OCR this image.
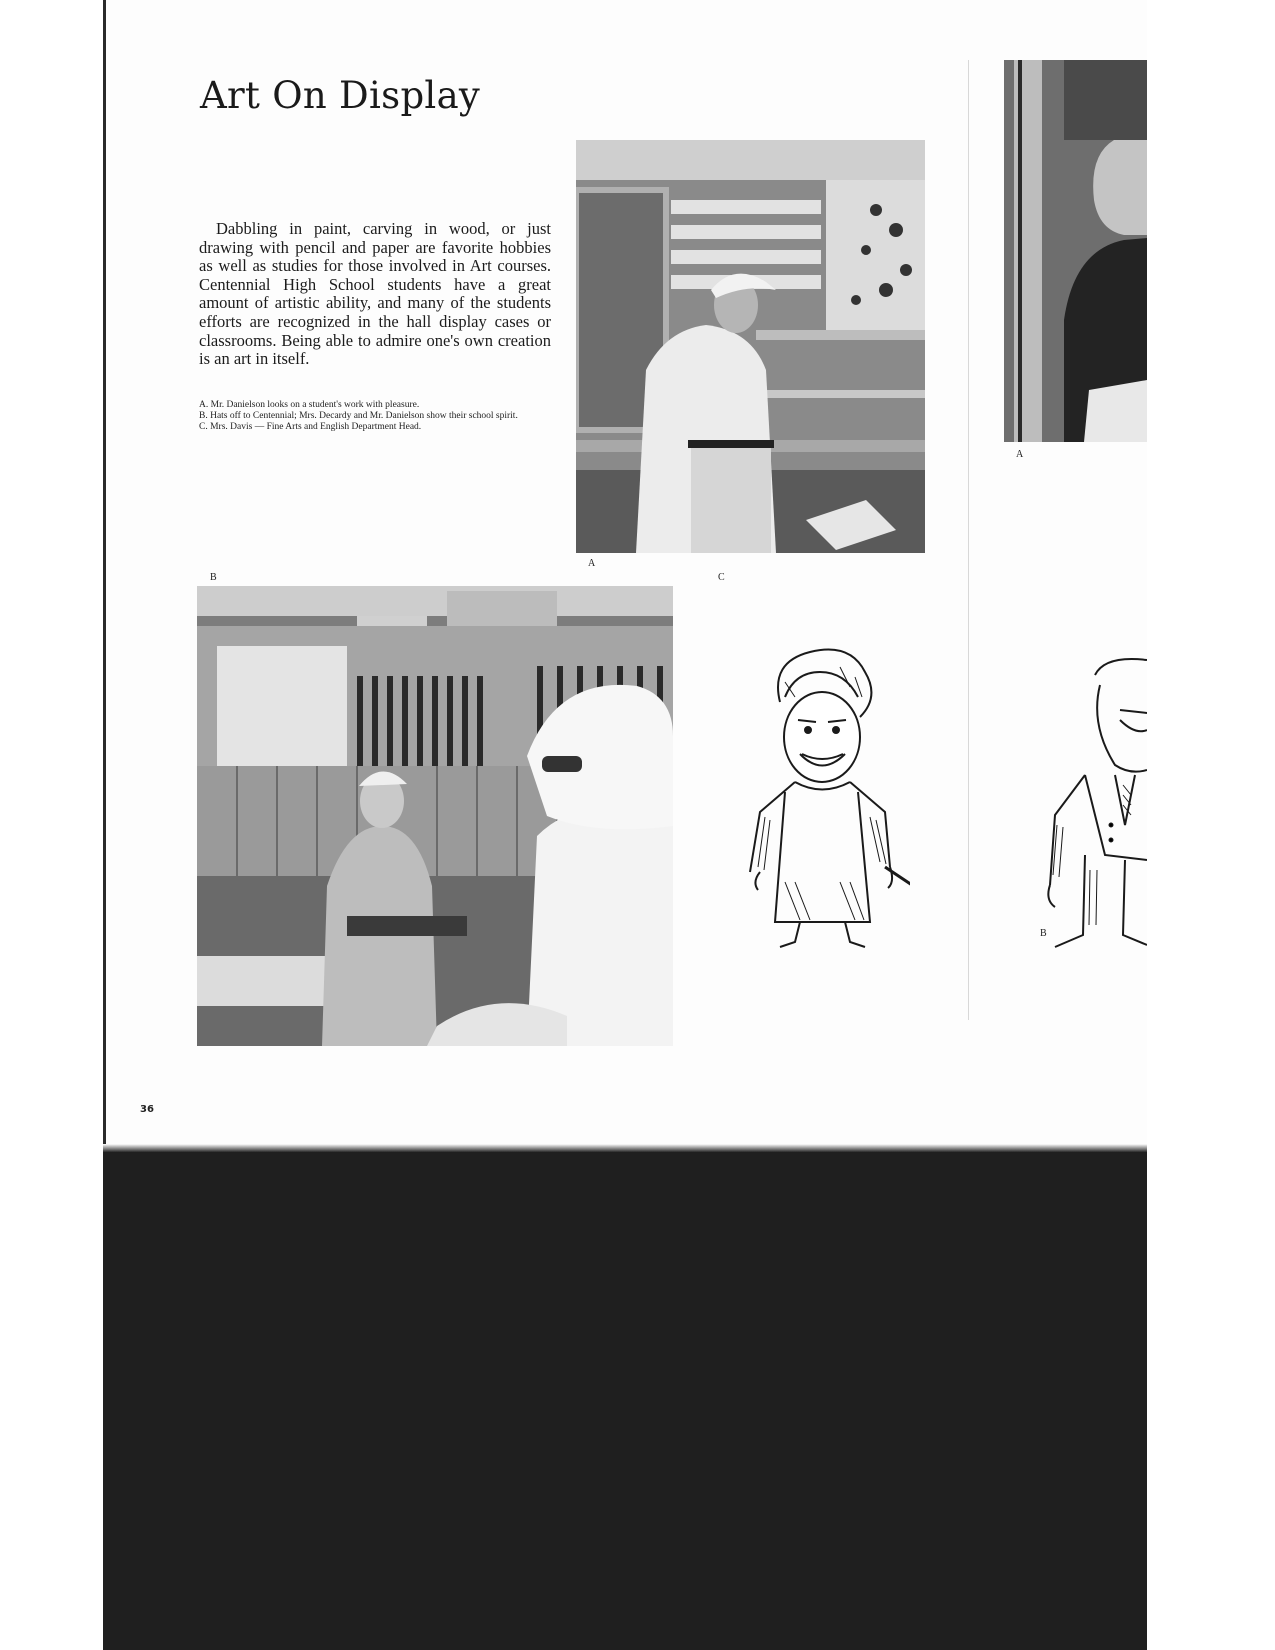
Art On Display

Dabbling in paint, carving in wood, or just drawing with pencil and paper are favorite hobbies as well as studies for those involved in Art courses. Centennial High School students have a great amount of artistic ability, and many of the students efforts are recognized in the hall display cases or classrooms. Being able to admire one's own creation is an art in itself.

A. Mr. Danielson looks on a student's work with pleasure.
B. Hats off to Centennial; Mrs. Decardy and Mr. Danielson show their school spirit.
C. Mrs. Davis — Fine Arts and English Department Head.
A
B	C
A
B
36
